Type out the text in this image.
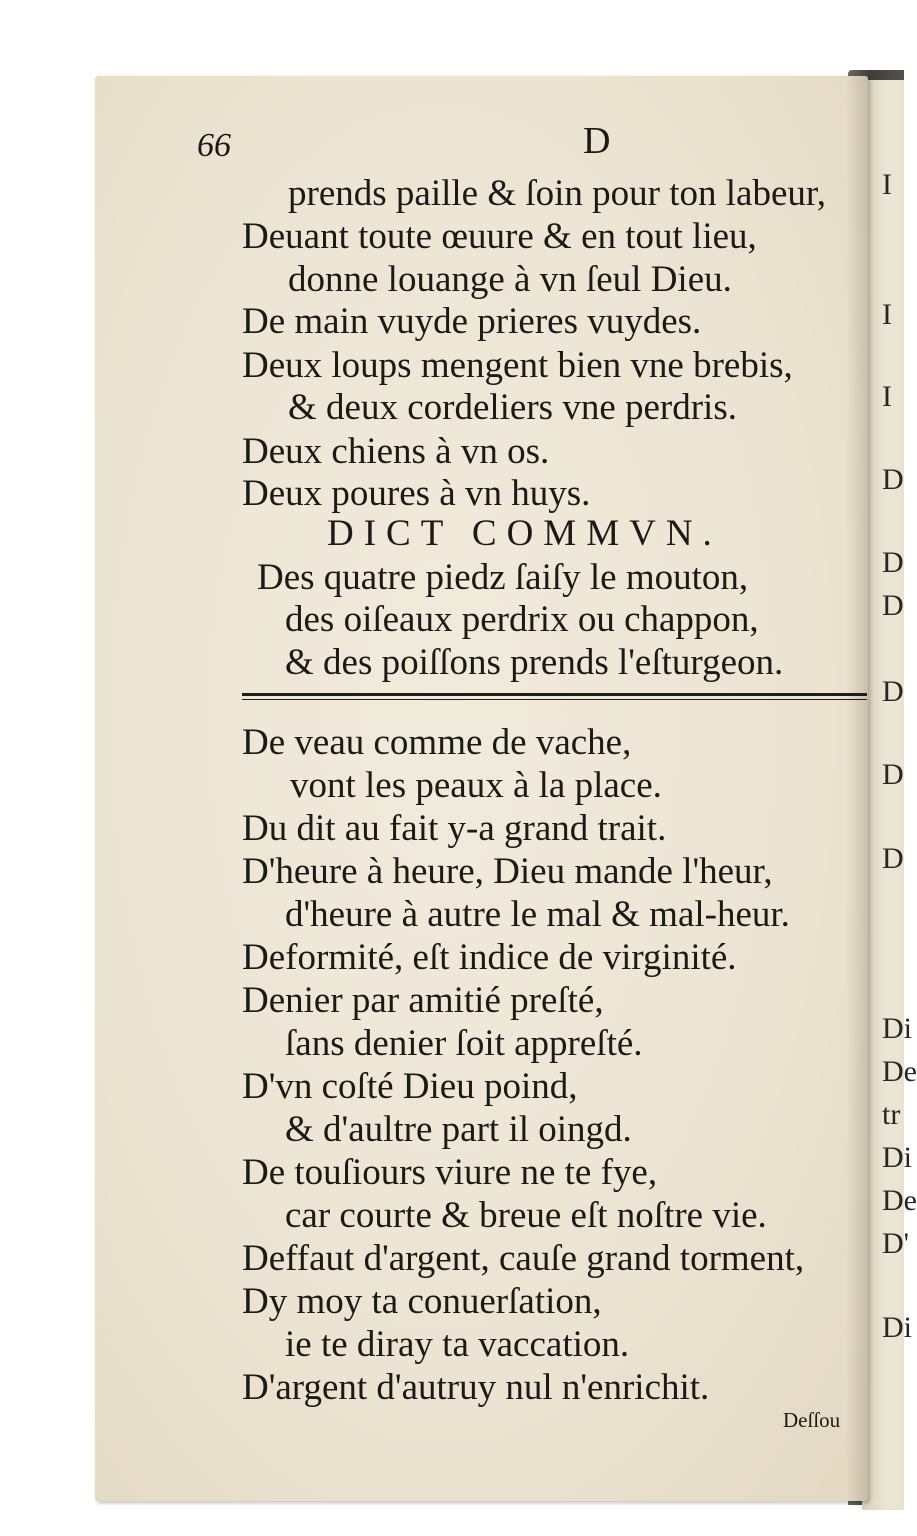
I
I
I
D
D
D
D
D
D
Di
De
tr
Di
De
D'
Di

66	D

prends paille & ſoin pour ton labeur,

Deuant toute œuure & en tout lieu,

donne louange à vn ſeul Dieu.

De main vuyde prieres vuydes.

Deux loups mengent bien vne brebis,

& deux cordeliers vne perdris.

Deux chiens à vn os.

Deux poures à vn huys.

DICT COMMVN.

Des quatre piedz ſaiſy le mouton,

des oiſeaux perdrix ou chappon,

& des poiſſons prends l'eſturgeon.

De veau comme de vache,

vont les peaux à la place.

Du dit au fait y-a grand trait.

D'heure à heure, Dieu mande l'heur,

d'heure à autre le mal & mal-heur.

Deformité, eſt indice de virginité.

Denier par amitié preſté,

ſans denier ſoit appreſté.

D'vn coſté Dieu poind,

& d'aultre part il oingd.

De touſiours viure ne te fye,

car courte & breue eſt noſtre vie.

Deffaut d'argent, cauſe grand torment,

Dy moy ta conuerſation,

ie te diray ta vaccation.

D'argent d'autruy nul n'enrichit.

Deſſou
